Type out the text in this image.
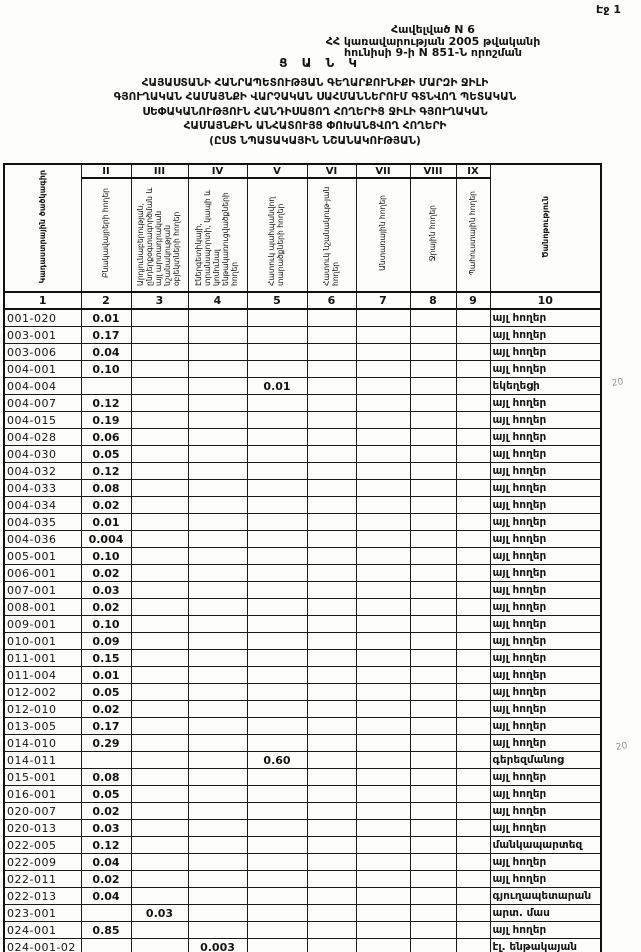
Էջ 1
Հավելված N 6
ՀՀ կառավարության 2005 թվականի
հունիսի 9-ի N 851-Ն որոշման
Ց Ա Ն Կ
ՀԱՅԱՍՏԱՆԻ ՀԱՆՐԱՊԵՏՈՒԹՅԱՆ ԳԵՂԱՐՔՈՒՆԻՔԻ ՄԱՐԶԻ ՋԻԼԻ
ԳՅՈՒՂԱԿԱՆ ՀԱՄԱՅՆՔԻ ՎԱՐՉԱԿԱՆ ՍԱՀՄԱՆՆԵՐՈՒՄ ԳՏՆՎՈՂ ՊԵՏԱԿԱՆ
ՍԵՓԱԿԱՆՈՒԹՅՈՒՆ ՀԱՆԴԻՍԱՑՈՂ ՀՈՂԵՐԻՑ ՋԻԼԻ ԳՅՈՒՂԱԿԱՆ
ՀԱՄԱՅՆՔԻՆ ԱՆՀԱՏՈՒՅՑ ՓՈԽԱՆՑՎՈՂ ՀՈՂԵՐԻ
(ԸՍՏ ՆՊԱՏԱԿԱՅԻՆ ՆՇԱՆԱԿՈՒԹՅԱՆ)
Կադաստրային ծածկագիր	II	III	IV	V	VI	VII	VIII	IX	Ծանոթություն
	Բնակավայրերի հողեր	Արդյունաբերության, ընդերքօգտագործման և այլ արտադրական նշանակության օբյեկտների հողեր	Էներգետիկայի, տրանսպորտի, կապի և կոմունալ ենթակառուցվածքների հողեր	Հատուկ պահպանվող տարածքների հողեր	Հատուկ նշանակութ-յան հողեր	Անտառային հողեր	Ջրային հողեր	Պահուստային հողեր	
1	2	3	4	5	6	7	8	9	10
001-020	0.01								այլ հողեր
003-001	0.17								այլ հողեր
003-006	0.04								այլ հողեր
004-001	0.10								այլ հողեր
004-004				0.01					եկեղեցի
004-007	0.12								այլ հողեր
004-015	0.19								այլ հողեր
004-028	0.06								այլ հողեր
004-030	0.05								այլ հողեր
004-032	0.12								այլ հողեր
004-033	0.08								այլ հողեր
004-034	0.02								այլ հողեր
004-035	0.01								այլ հողեր
004-036	0.004								այլ հողեր
005-001	0.10								այլ հողեր
006-001	0.02								այլ հողեր
007-001	0.03								այլ հողեր
008-001	0.02								այլ հողեր
009-001	0.10								այլ հողեր
010-001	0.09								այլ հողեր
011-001	0.15								այլ հողեր
011-004	0.01								այլ հողեր
012-002	0.05								այլ հողեր
012-010	0.02								այլ հողեր
013-005	0.17								այլ հողեր
014-010	0.29								այլ հողեր
014-011				0.60					գերեզմանոց
015-001	0.08								այլ հողեր
016-001	0.05								այլ հողեր
020-007	0.02								այլ հողեր
020-013	0.03								այլ հողեր
022-005	0.12								մանկապարտեզ
022-009	0.04								այլ հողեր
022-011	0.02								այլ հողեր
022-013	0.04								գյուղապետարան
023-001		0.03							արտ. մաս
024-001	0.85								այլ հողեր
024-001-02			0.003						էլ. ենթակայան
20
20
